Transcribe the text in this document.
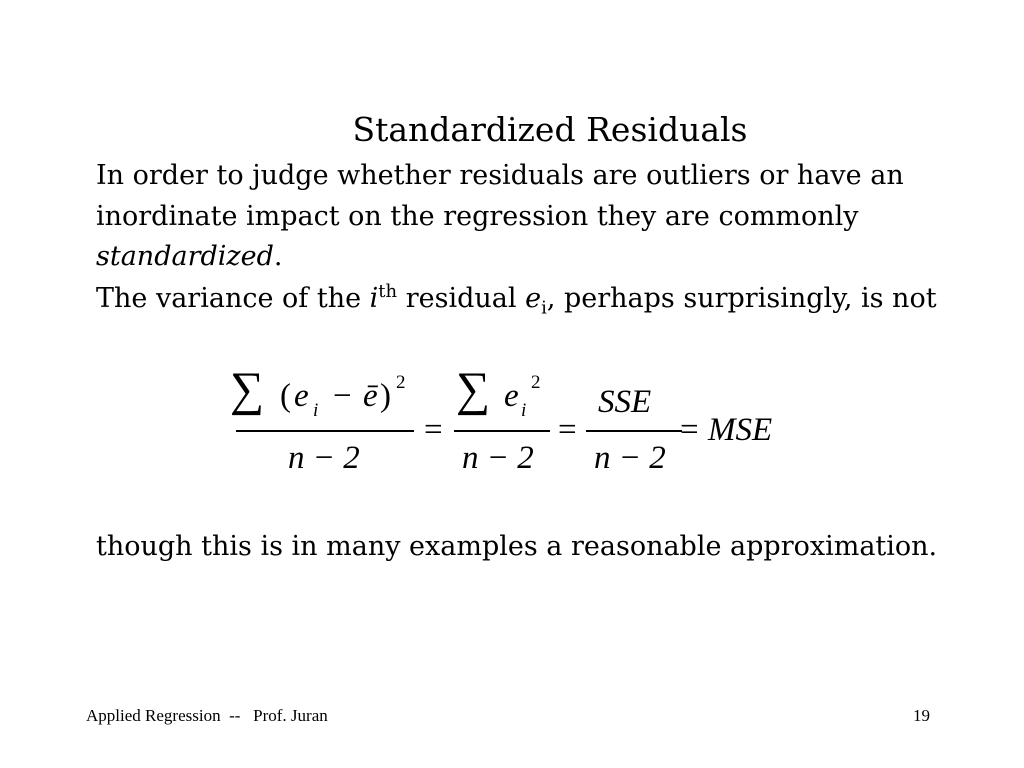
Standardized Residuals

In order to judge whether residuals are outliers or have an inordinate impact on the regression they are commonly standardized.

The variance of the $i^{th}$ residual $e_i$, perhaps surprisingly, is not

∑ ( e i − ē ) 2
n − 2
=
∑ e i
2
n − 2
=
SSE
n − 2
= MSE

though this is in many examples a reasonable approximation.

Applied Regression  --   Prof. Juran	19
